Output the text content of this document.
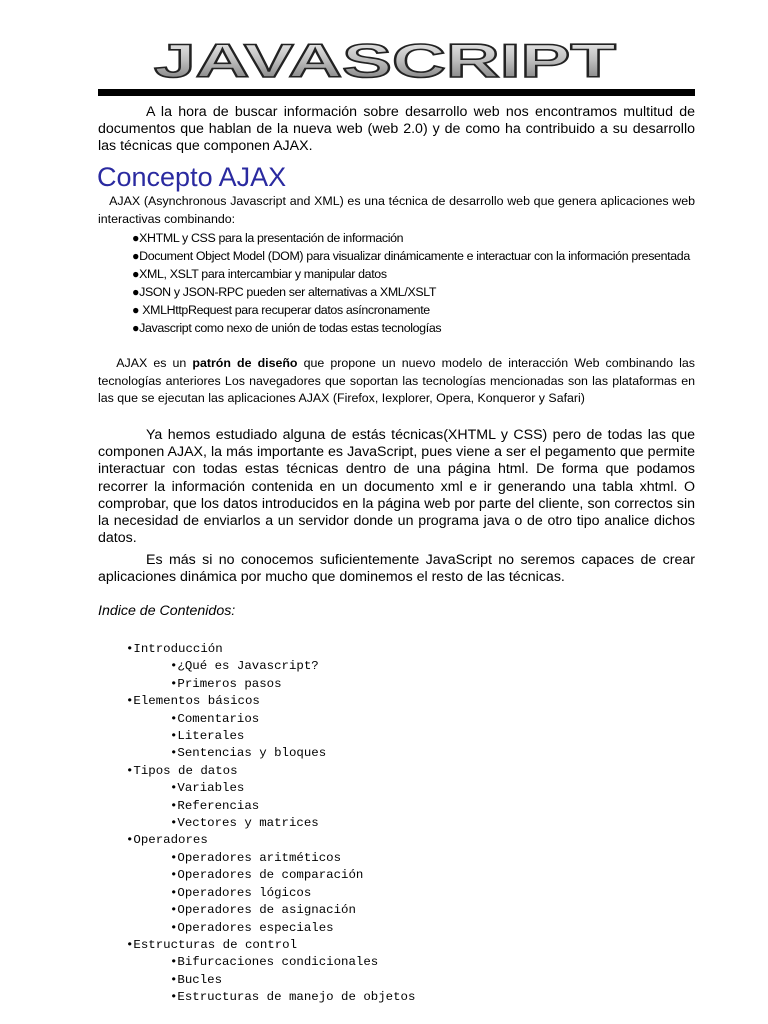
JAVASCRIPT
A la hora de buscar información sobre desarrollo web nos encontramos multitud de documentos que hablan de la nueva web (web 2.0) y de como ha contribuido a su desarrollo las técnicas que componen AJAX.
Concepto AJAX
AJAX (Asynchronous Javascript and XML) es una técnica de desarrollo web que genera aplicaciones web interactivas combinando:
●XHTML y CSS para la presentación de información
●Document Object Model (DOM) para visualizar dinámicamente e interactuar con la información presentada
●XML, XSLT para intercambiar y manipular datos
●JSON y JSON-RPC pueden ser alternativas a XML/XSLT
● XMLHttpRequest para recuperar datos asíncronamente
●Javascript como nexo de unión de todas estas tecnologías
AJAX es un patrón de diseño que propone un nuevo modelo de interacción Web combinando las tecnologías anteriores Los navegadores que soportan las tecnologías mencionadas son las plataformas en las que se ejecutan las aplicaciones AJAX (Firefox, Iexplorer, Opera, Konqueror y Safari)
Ya hemos estudiado alguna de estás técnicas(XHTML y CSS) pero de todas las que componen AJAX, la más importante es JavaScript, pues viene a ser el pegamento que permite interactuar con todas estas técnicas dentro de una página html. De forma que podamos recorrer la información contenida en un documento xml e ir generando una tabla xhtml. O comprobar, que los datos introducidos en la página web por parte del cliente, son correctos sin la necesidad de enviarlos a un servidor donde un programa java o de otro tipo analice dichos datos.
Es más si no conocemos suficientemente JavaScript no seremos capaces de crear aplicaciones dinámica por mucho que dominemos el resto de las técnicas.
Indice de Contenidos:
•Introducción
•¿Qué es Javascript?
•Primeros pasos
•Elementos básicos
•Comentarios
•Literales
•Sentencias y bloques
•Tipos de datos
•Variables
•Referencias
•Vectores y matrices
•Operadores
•Operadores aritméticos
•Operadores de comparación
•Operadores lógicos
•Operadores de asignación
•Operadores especiales
•Estructuras de control
•Bifurcaciones condicionales
•Bucles
•Estructuras de manejo de objetos
